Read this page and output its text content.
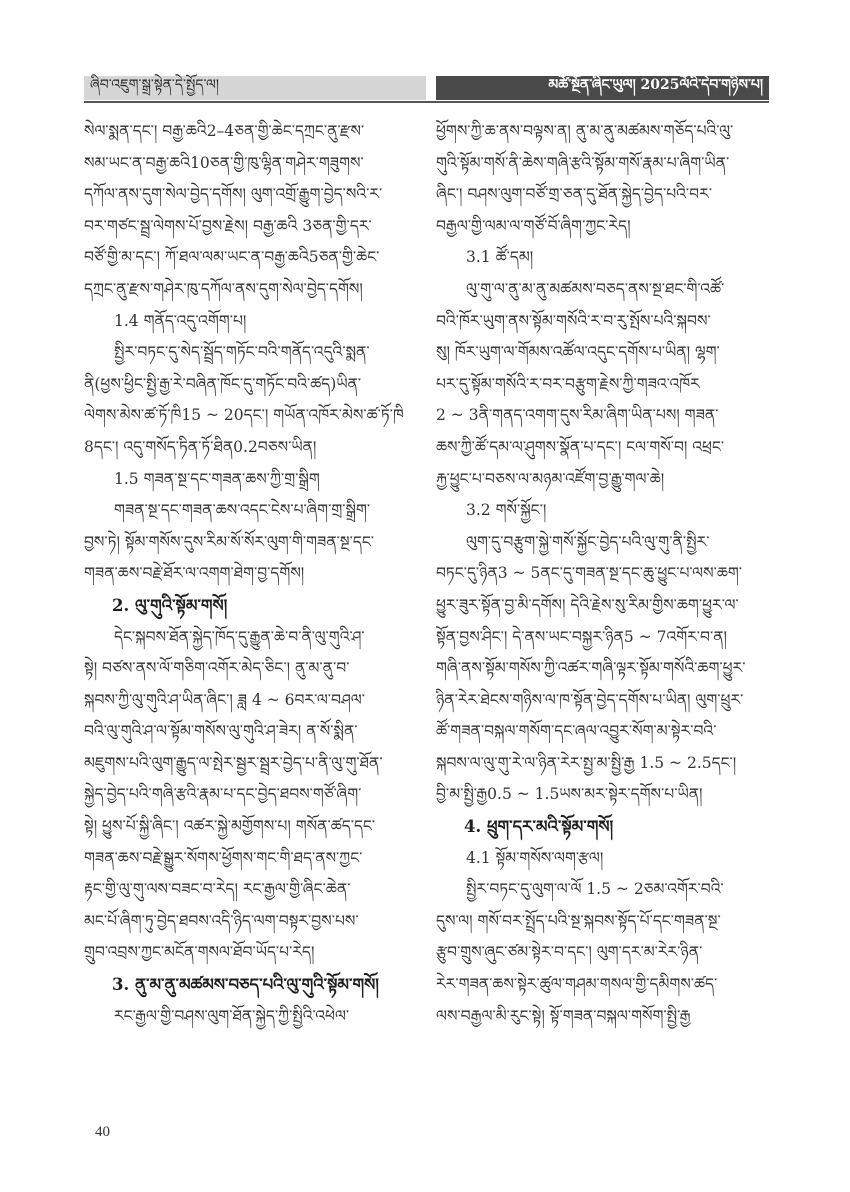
ཞིབ་འཇུག་སྒྲ་སྟེན་དེ་སྤྱོད་ལ།	མཚོ་སྔོན་ཞིང་ཡུལ། 2025ལོའི་དེབ་གཉིས་པ།
སེལ་སྨན་དང་། བརྒྱ་ཆའི2–4ཅན་གྱི་ཆེང་དཀྲང་ནུ་རྫས་
སམ་ཡང་ན་བརྒྱ་ཆའི10ཅན་གྱི་ཁུ་ལྷིན་གཤེར་གཟུགས་
དཀོལ་ནས་དུག་སེལ་བྱེད་དགོས། ལུག་འགྲོ་རྒྱུག་བྱེད་སའི་ར་
བར་གཙང་སྦྲ་ལེགས་པོ་བྱས་རྗེས། བརྒྱ་ཆའི 3ཅན་གྱི་དར་
བཙོ་གྱི་མ་དང་། ཀོ་ཐལ་ལམ་ཡང་ན་བརྒྱ་ཆའི5ཅན་གྱི་ཆེང་
དཀྲང་ནུ་རྫས་གཤེར་ཁུ་དཀོལ་ནས་དུག་སེལ་བྱེད་དགོས།
1.4 གནོད་འདུ་འགོག་པ།
སྤྱིར་བཏང་དུ་སེད་སྦྲོད་གཏོང་བའི་གནོད་འདུའི་སྨན་
ནི(ཕྱས་ཕྱིང་སྤྱི་རྒྱ་རེ་བཞིན་ཁོང་དུ་གཏོང་བའི་ཚད)ཡིན་
ལེགས་མེས་ཚ་ཏོ་ཁི15 ~ 20དང་། གཡོན་འཁོར་མེས་ཚ་ཏོ་ཁི
8དང་། འདུ་གསོད་ཏིན་ཏོ་ཐིན0.2བཅས་ཡིན།
1.5 གཟན་སྔ་དང་གཟན་ཆས་ཀྱི་གྲ་སྒྲིག
གཟན་སྔ་དང་གཟན་ཆས་འདང་ངེས་པ་ཞིག་གྲ་སྒྲིག་
བྱས་ཏེ། སྟོམ་གསོས་དུས་རིམ་སོ་སོར་ལུག་གི་གཟན་སྔ་དང་
གཟན་ཆས་བརྗེ་ཐོར་ལ་འགག་ཐེག་བྱ་དགོས།
2. ལུ་གུའི་སྟོམ་གསོ།
དེང་སྐབས་ཐོན་སྐྱེད་ཁོད་དུ་རྒྱུན་ཆེ་བ་ནི་ལུ་གུའི་ཤ་
སྟེ། བཙས་ནས་ལོ་གཅིག་འགོར་མེད་ཅིང་། ནུ་མ་ནུ་བ་
སྐབས་ཀྱི་ལུ་གུའི་ཤ་ཡིན་ཞིང་། ཟླ 4 ~ 6བར་ལ་བཤལ་
བའི་ལུ་གུའི་ཤ་ལ་སྟོམ་གསོས་ལུ་གུའི་ཤ་ཟེར། ན་སོ་སྨིན་
མཇུགས་པའི་ལུག་རྒྱུད་ལ་སྤེར་སྦྱར་སྦྲར་བྱེད་པ་ནི་ལུ་གུ་ཐོན་
སྐྱེད་བྱེད་པའི་གཞི་རྩའི་རྣམ་པ་དང་བྱེད་ཐབས་གཙོ་ཞིག་
སྟེ། ཕྱུས་པོ་སྐྱི་ཞིང་། འཚར་སྐྱེ་མགྱོགས་པ། གསོན་ཚད་དང་
གཟན་ཆས་བརྗེ་སྒྱུར་སོགས་ཕྱོགས་གང་གི་ཐད་ནས་ཀྱང་
རྟང་གྱི་ལུ་གུ་ལས་བཟང་བ་རེད། རང་རྒྱལ་གྱི་ཞིང་ཆེན་
མང་པོ་ཞིག་ཏུ་བྱེད་ཐབས་འདི་ཉིད་ལག་བསྟར་བྱས་པས་
གྲུབ་འབྲས་ཀྱང་མངོན་གསལ་ཐོབ་ཡོད་པ་རེད།
3. ནུ་མ་ནུ་མཚམས་བཅད་པའི་ལུ་གུའི་སྟོམ་གསོ།
རང་རྒྱལ་གྱི་བཤས་ལུག་ཐོན་སྐྱེད་ཀྱི་སྤྱིའི་འཕེལ་
ཕྱོགས་ཀྱི་ཆ་ནས་བལྟས་ན། ནུ་མ་ནུ་མཚམས་གཅོད་པའི་ལུ་
གུའི་སྟོམ་གསོ་ནི་ཆེས་གཞི་རྩའི་སྟོམ་གསོ་རྣམ་པ་ཞིག་ཡིན་
ཞིང་། བཤས་ལུག་བཙོ་གྲ་ཅན་དུ་ཐོན་སྐྱེད་བྱེད་པའི་བར་
བརྒྱལ་གྱི་ལམ་ལ་གཙོ་བོ་ཞིག་ཀྱང་རེད།
3.1 ཚོ་དམ།
ལུ་གུ་ལ་ནུ་མ་ནུ་མཚམས་བཅད་ནས་སྔ་ཐང་གི་འཚོ་
བའི་ཁོར་ཡུག་ནས་སྟོམ་གསོའི་ར་བ་རུ་སྤོས་པའི་སྐབས་
སུ། ཁོར་ཡུག་ལ་གོམས་འཚོལ་འདུང་དགོས་པ་ཡིན། ལྷག་
པར་དུ་སྟོམ་གསོའི་ར་བར་བརྩུག་རྗེས་ཀྱི་གཟའ་འཁོར
2 ~ 3ནི་གནད་འགག་དུས་རིམ་ཞིག་ཡིན་པས། གཟན་
ཆས་ཀྱི་ཚོ་དམ་ལ་ཤུགས་སྣོན་པ་དང་། ངལ་གསོ་བ། འཕྲང་
རྐྱ་ཕྱུང་པ་བཅས་ལ་མཉམ་འཛོག་བྱ་རྒྱུ་གལ་ཆེ།
3.2 གསོ་སྐྱོང་།
ལུག་དུ་བརྩུག་སྐྱེ་གསོ་སྐྱོང་བྱེད་པའི་ལུ་གུ་ནི་སྤྱིར་
བཏང་དུ་ཉིན3 ~ 5ནང་དུ་གཟན་སྔ་དང་ཆུ་ཕྱུང་པ་ལས་ཆག་
ཕྱུར་ཟུར་སྟོན་བྱ་མི་དགོས། དེའི་རྗེས་སུ་རིམ་གྱིས་ཆག་ཕྱུར་ལ་
སྟོན་བྱས་ཤིང་། དེ་ནས་ཡང་བསྐྱར་ཉིན5 ~ 7འགོར་བ་ན།
གཞི་ནས་སྟོམ་གསོས་ཀྱི་འཚར་གཞི་ལྟར་སྟོམ་གསོའི་ཆག་ཕྱུར་
ཉིན་རེར་ཐེངས་གཉིས་ལ་ཁ་སྟོན་བྱེད་དགོས་པ་ཡིན། ལུག་ཕྲུར་
ཚོ་གཟན་བསྐལ་གསོག་དང་ཞལ་འབྱུར་སོག་མ་སྟེར་བའི་
སྐབས་ལ་ལུ་གུ་རེ་ལ་ཉིན་རེར་སྤྱ་མ་སྤྱི་རྒྱ 1.5 ~ 2.5དང་།
བྱི་མ་སྤྱི་རྒྱ0.5 ~ 1.5ཡས་མར་སྟེར་དགོས་པ་ཡིན།
4. ཕྲུག་དར་མའི་སྟོམ་གསོ།
4.1 སྟོམ་གསོས་ལག་རྩལ།
སྤྱིར་བཏང་དུ་ལུག་ལ་ལོ 1.5 ~ 2ཅམ་འགོར་བའི་
དུས་ལ། གསོ་བར་སྤྲོད་པའི་སྔ་སྐབས་སྟོད་པོ་དང་གཟན་སྔ་
རྩུབ་གྲུས་ཞུང་ཙམ་སྟེར་བ་དང་། ལུག་དར་མ་རེར་ཉིན་
རེར་གཟན་ཆས་སྟེར་ཚུལ་གཤམ་གསལ་གྱི་དམིགས་ཚད་
ལས་བརྒྱལ་མི་རུང་སྟེ། སྟོ་གཟན་བསྐལ་གསོག་སྤྱི་རྒྱ
40
